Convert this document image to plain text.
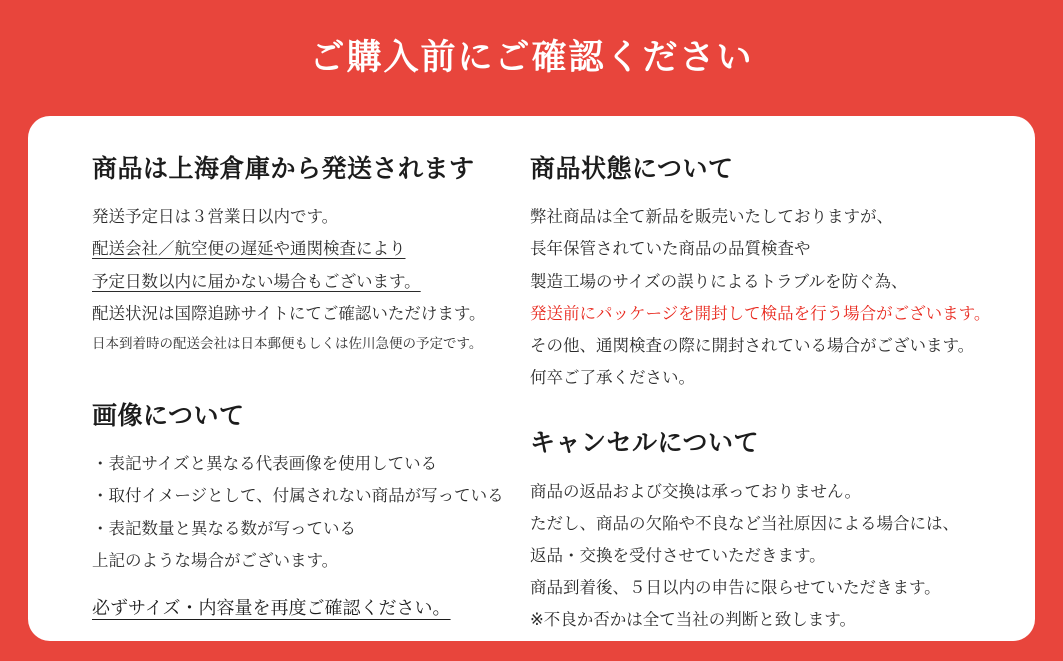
ご購入前にご確認ください
商品は上海倉庫から発送されます
発送予定日は３営業日以内です。
配送会社／航空便の遅延や通関検査により
予定日数以内に届かない場合もございます。
配送状況は国際追跡サイトにてご確認いただけます。
日本到着時の配送会社は日本郵便もしくは佐川急便の予定です。
画像について
・表記サイズと異なる代表画像を使用している
・取付イメージとして、付属されない商品が写っている
・表記数量と異なる数が写っている
上記のような場合がございます。
必ずサイズ・内容量を再度ご確認ください。
商品状態について
弊社商品は全て新品を販売いたしておりますが、
長年保管されていた商品の品質検査や
製造工場のサイズの誤りによるトラブルを防ぐ為、
発送前にパッケージを開封して検品を行う場合がございます。
その他、通関検査の際に開封されている場合がございます。
何卒ご了承ください。
キャンセルについて
商品の返品および交換は承っておりません。
ただし、商品の欠陥や不良など当社原因による場合には、
返品・交換を受付させていただきます。
商品到着後、５日以内の申告に限らせていただきます。
※不良か否かは全て当社の判断と致します。
